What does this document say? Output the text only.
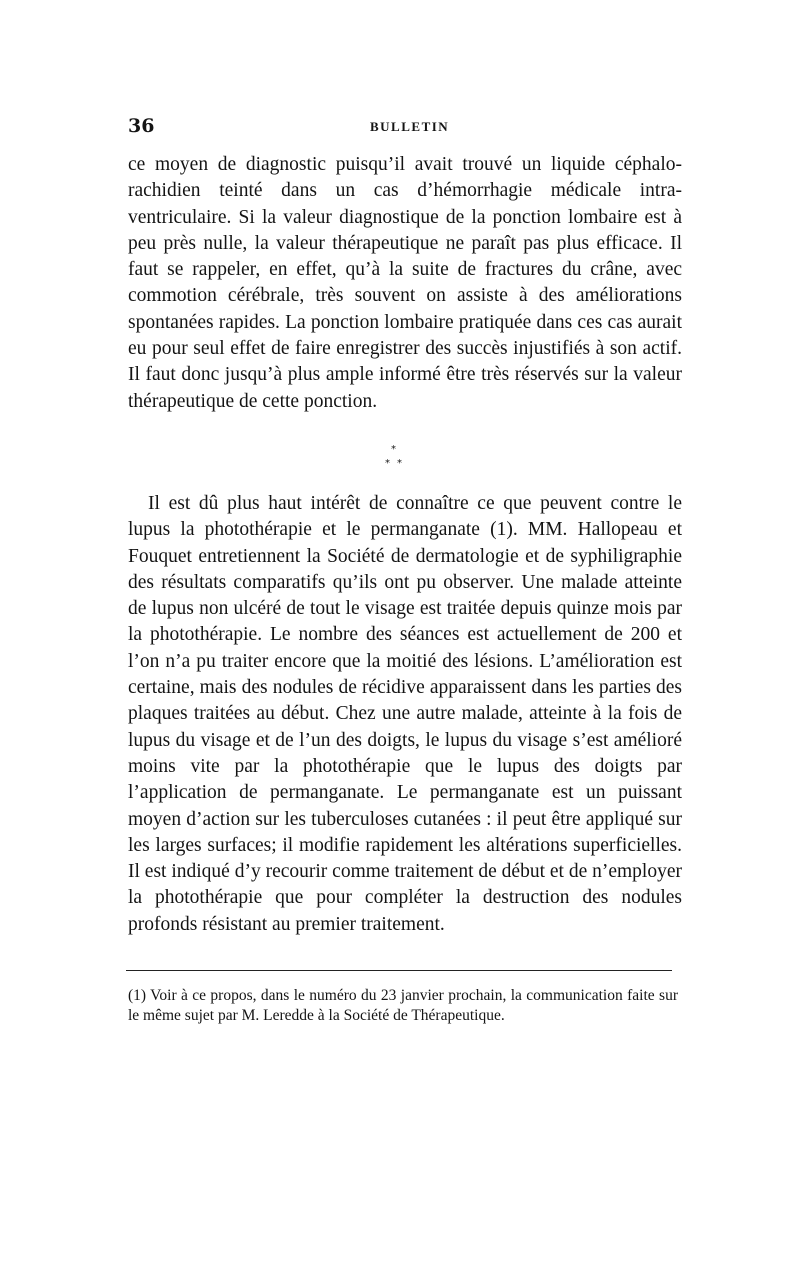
36	BULLETIN

ce moyen de diagnostic puisqu’il avait trouvé un liquide céphalo-rachidien teinté dans un cas d’hémorrhagie médicale intra-ventriculaire. Si la valeur diagnostique de la ponction lombaire est à peu près nulle, la valeur thérapeutique ne paraît pas plus efficace. Il faut se rappeler, en effet, qu’à la suite de fractures du crâne, avec commotion cérébrale, très souvent on assiste à des améliorations spontanées rapides. La ponction lombaire pratiquée dans ces cas aurait eu pour seul effet de faire enregistrer des succès injustifiés à son actif. Il faut donc jusqu’à plus ample informé être très réservés sur la valeur thérapeutique de cette ponction.

*
* *

Il est dû plus haut intérêt de connaître ce que peuvent contre le lupus la photothérapie et le permanganate (1). MM. Hallopeau et Fouquet entretiennent la Société de dermatologie et de syphiligraphie des résultats comparatifs qu’ils ont pu observer. Une malade atteinte de lupus non ulcéré de tout le visage est traitée depuis quinze mois par la photothérapie. Le nombre des séances est actuellement de 200 et l’on n’a pu traiter encore que la moitié des lésions. L’amélioration est certaine, mais des nodules de récidive apparaissent dans les parties des plaques traitées au début. Chez une autre malade, atteinte à la fois de lupus du visage et de l’un des doigts, le lupus du visage s’est amélioré moins vite par la photothérapie que le lupus des doigts par l’application de permanganate. Le permanganate est un puissant moyen d’action sur les tuberculoses cutanées : il peut être appliqué sur les larges surfaces; il modifie rapidement les altérations superficielles. Il est indiqué d’y recourir comme traitement de début et de n’employer la photothérapie que pour compléter la destruction des nodules profonds résistant au premier traitement.

(1) Voir à ce propos, dans le numéro du 23 janvier prochain, la communication faite sur le même sujet par M. Leredde à la Société de Thérapeutique.
